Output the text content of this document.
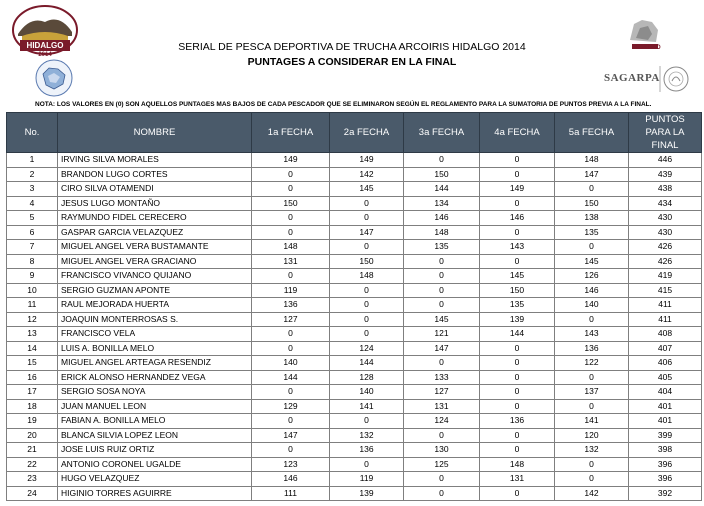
HIDALGO
2014
HIDALGO
SAGARPA
SERIAL DE PESCA DEPORTIVA DE TRUCHA ARCOIRIS HIDALGO 2014
PUNTAGES A CONSIDERAR EN LA FINAL
NOTA: LOS VALORES EN (0) SON AQUELLOS PUNTAGES MAS BAJOS DE CADA PESCADOR QUE SE ELIMINARON SEGÚN EL REGLAMENTO PARA LA SUMATORIA DE PUNTOS PREVIA A LA FINAL.
No.	NOMBRE	1a FECHA	2a FECHA	3a FECHA	4a FECHA	5a FECHA	PUNTOS PARA LA FINAL
1	IRVING SILVA MORALES	149	149	0	0	148	446
2	BRANDON LUGO CORTES	0	142	150	0	147	439
3	CIRO SILVA OTAMENDI	0	145	144	149	0	438
4	JESUS LUGO MONTAÑO	150	0	134	0	150	434
5	RAYMUNDO FIDEL CERECERO	0	0	146	146	138	430
6	GASPAR GARCIA VELAZQUEZ	0	147	148	0	135	430
7	MIGUEL ANGEL VERA BUSTAMANTE	148	0	135	143	0	426
8	MIGUEL ANGEL VERA GRACIANO	131	150	0	0	145	426
9	FRANCISCO VIVANCO QUIJANO	0	148	0	145	126	419
10	SERGIO GUZMAN APONTE	119	0	0	150	146	415
11	RAUL MEJORADA HUERTA	136	0	0	135	140	411
12	JOAQUIN MONTERROSAS S.	127	0	145	139	0	411
13	FRANCISCO VELA	0	0	121	144	143	408
14	LUIS A. BONILLA MELO	0	124	147	0	136	407
15	MIGUEL ANGEL ARTEAGA RESENDIZ	140	144	0	0	122	406
16	ERICK ALONSO HERNANDEZ VEGA	144	128	133	0	0	405
17	SERGIO SOSA NOYA	0	140	127	0	137	404
18	JUAN MANUEL LEON	129	141	131	0	0	401
19	FABIAN A. BONILLA MELO	0	0	124	136	141	401
20	BLANCA SILVIA LOPEZ LEON	147	132	0	0	120	399
21	JOSE LUIS RUIZ ORTIZ	0	136	130	0	132	398
22	ANTONIO CORONEL UGALDE	123	0	125	148	0	396
23	HUGO VELAZQUEZ	146	119	0	131	0	396
24	HIGINIO TORRES AGUIRRE	111	139	0	0	142	392
